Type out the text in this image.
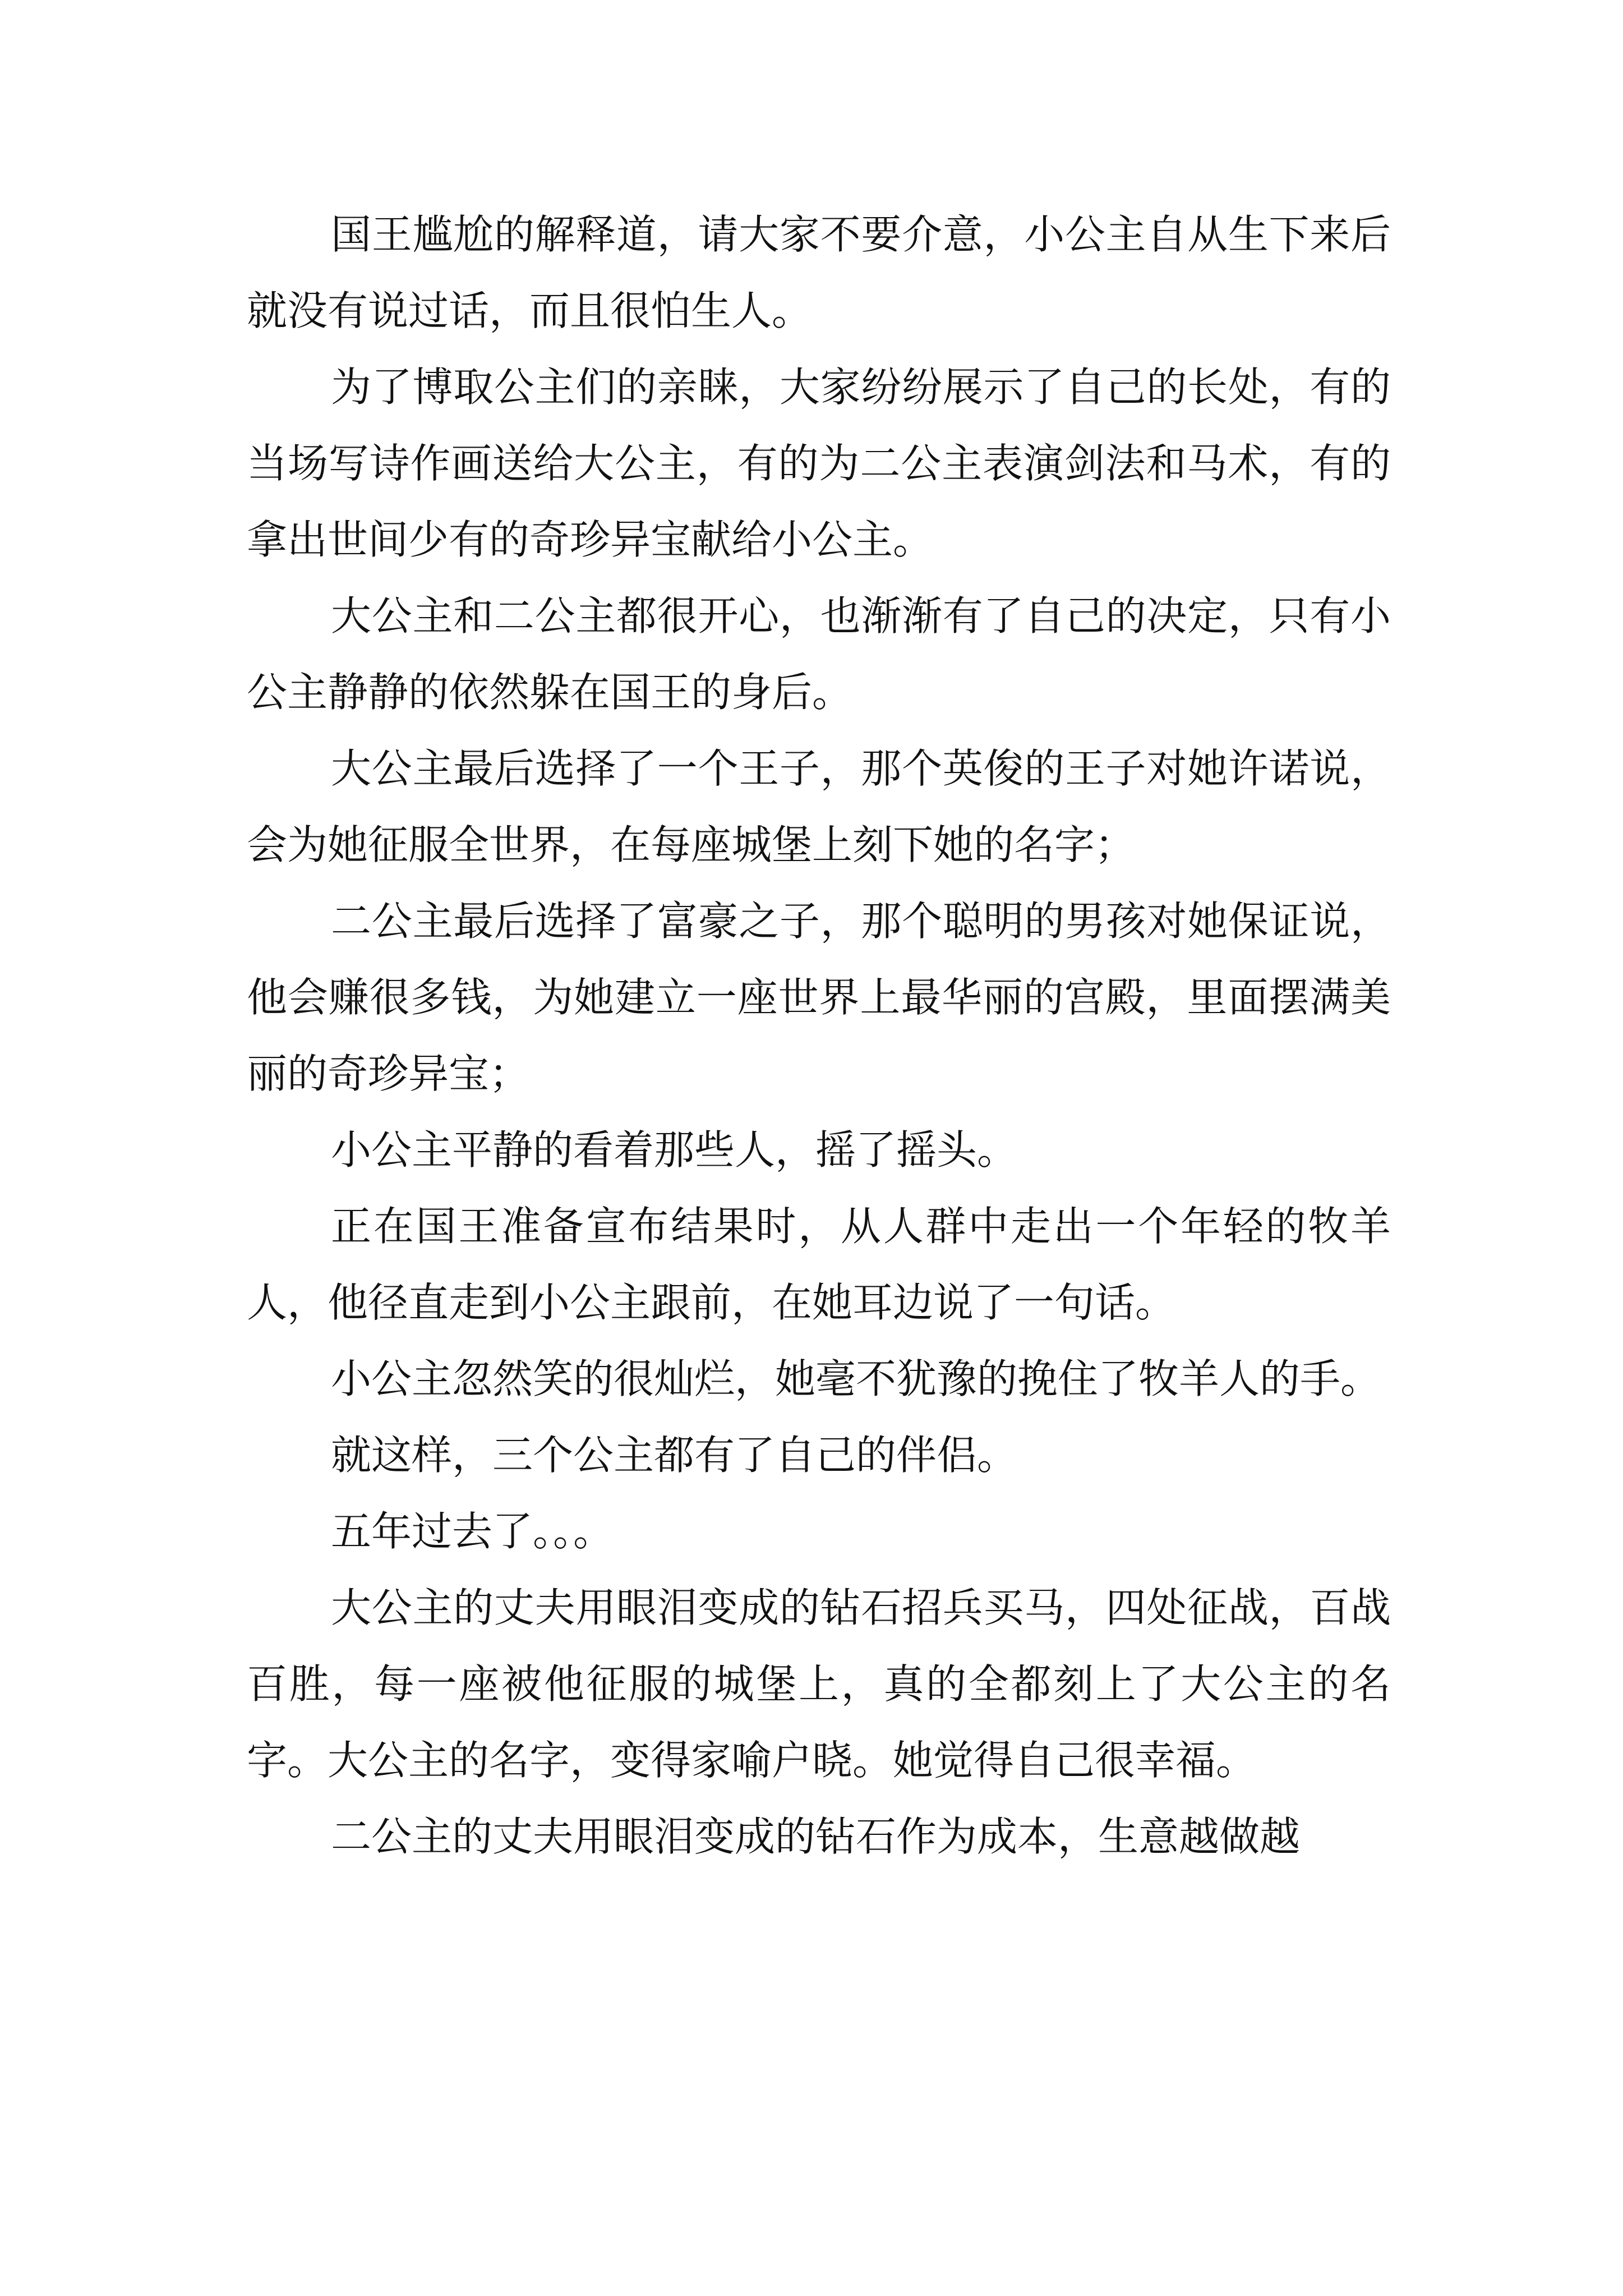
国王尴尬的解释道，请大家不要介意，小公主自从生下来后就没有说过话，而且很怕生人。

为了博取公主们的亲睐，大家纷纷展示了自己的长处，有的当场写诗作画送给大公主，有的为二公主表演剑法和马术，有的拿出世间少有的奇珍异宝献给小公主。

大公主和二公主都很开心，也渐渐有了自己的决定，只有小公主静静的依然躲在国王的身后。

大公主最后选择了一个王子，那个英俊的王子对她许诺说，会为她征服全世界，在每座城堡上刻下她的名字；

二公主最后选择了富豪之子，那个聪明的男孩对她保证说，他会赚很多钱，为她建立一座世界上最华丽的宫殿，里面摆满美丽的奇珍异宝；

小公主平静的看着那些人，摇了摇头。

正在国王准备宣布结果时，从人群中走出一个年轻的牧羊人，他径直走到小公主跟前，在她耳边说了一句话。

小公主忽然笑的很灿烂，她毫不犹豫的挽住了牧羊人的手。

就这样，三个公主都有了自己的伴侣。

五年过去了。。。

大公主的丈夫用眼泪变成的钻石招兵买马，四处征战，百战百胜，每一座被他征服的城堡上，真的全都刻上了大公主的名字。大公主的名字，变得家喻户晓。她觉得自己很幸福。

二公主的丈夫用眼泪变成的钻石作为成本，生意越做越
